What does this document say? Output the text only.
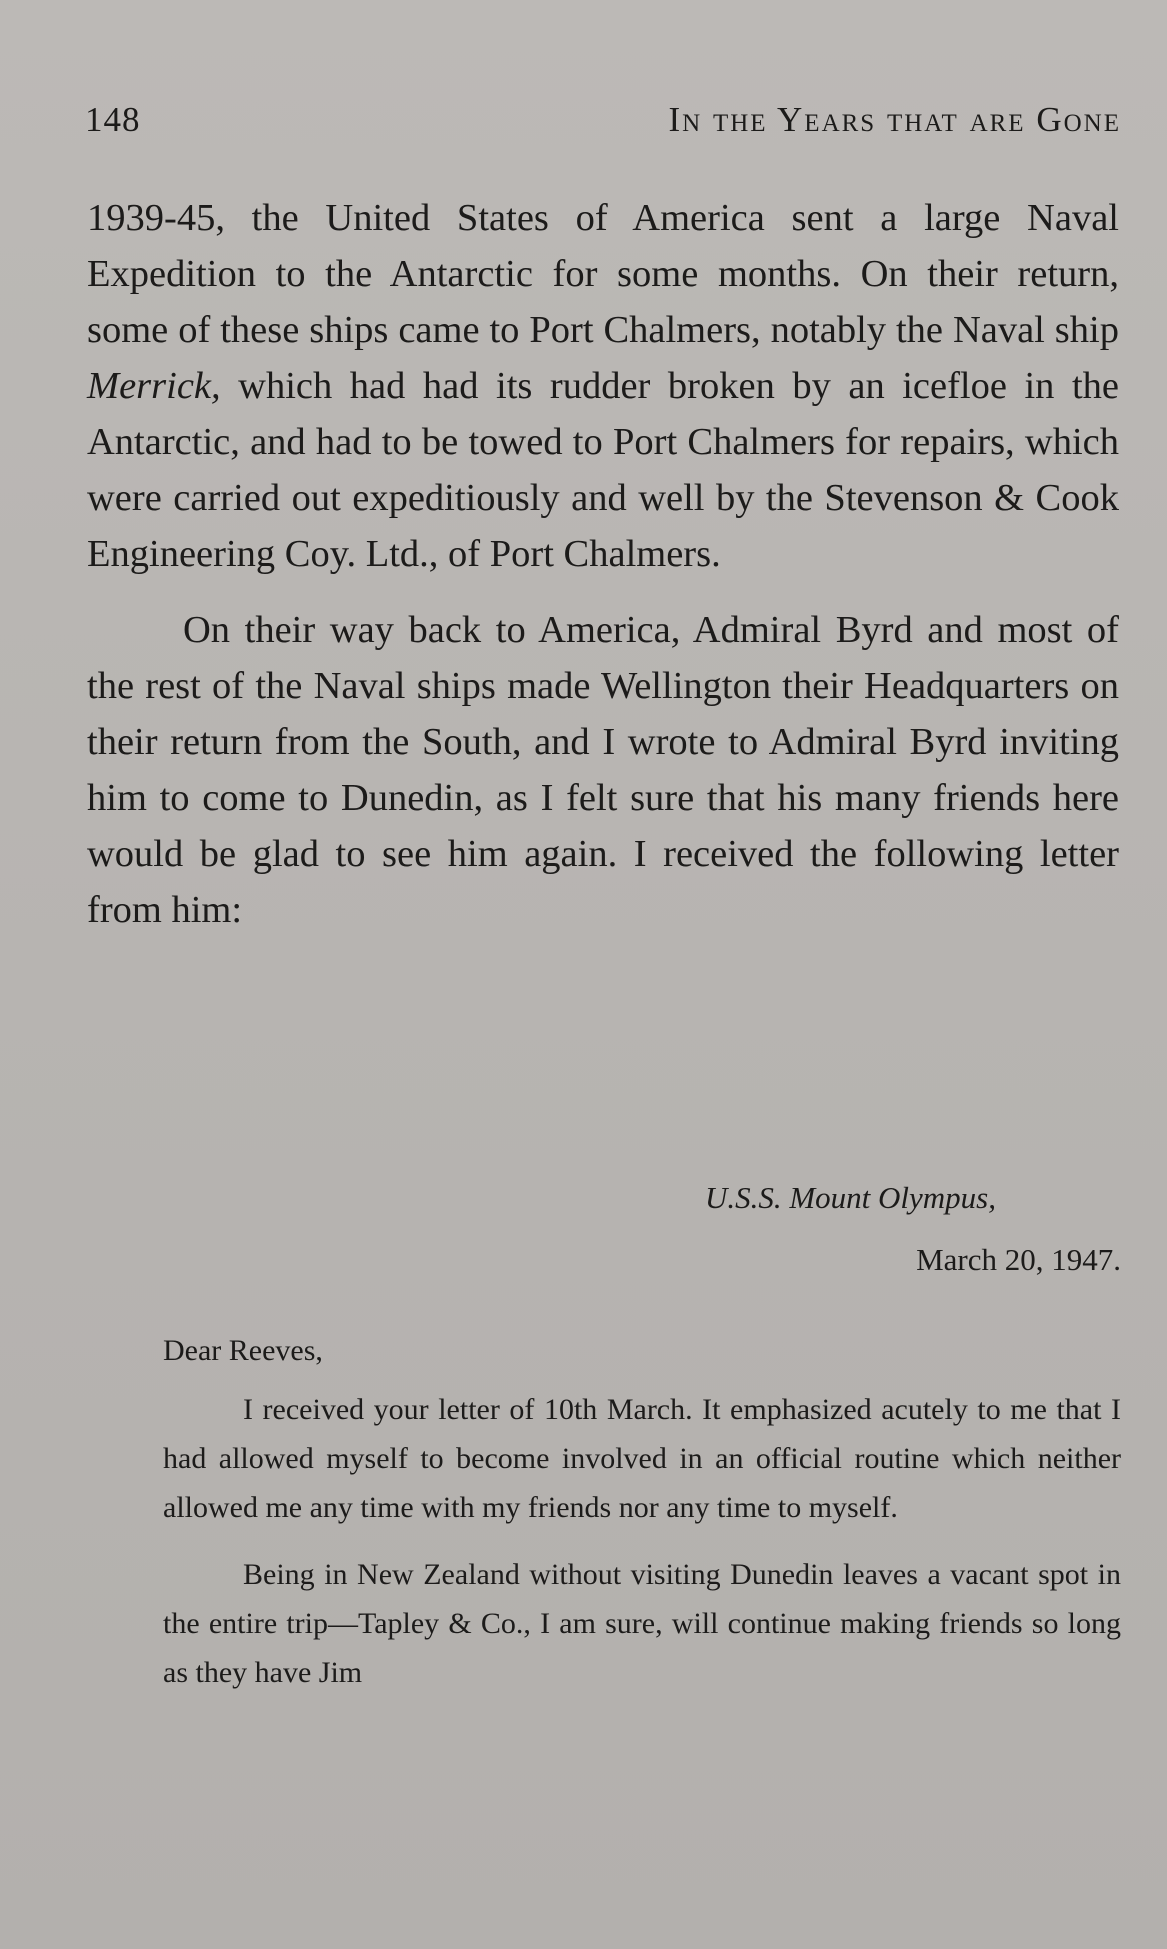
148	In the Years that are Gone

1939-45, the United States of America sent a large Naval Expedition to the Antarctic for some months. On their return, some of these ships came to Port Chalmers, notably the Naval ship Merrick, which had had its rudder broken by an icefloe in the Antarctic, and had to be towed to Port Chalmers for repairs, which were carried out expeditiously and well by the Stevenson & Cook Engineering Coy. Ltd., of Port Chalmers.

On their way back to America, Admiral Byrd and most of the rest of the Naval ships made Wellington their Headquarters on their return from the South, and I wrote to Admiral Byrd inviting him to come to Dunedin, as I felt sure that his many friends here would be glad to see him again. I received the following letter from him:

U.S.S. Mount Olympus,
March 20, 1947.
Dear Reeves,

I received your letter of 10th March. It emphasized acutely to me that I had allowed myself to become involved in an official routine which neither allowed me any time with my friends nor any time to myself.

Being in New Zealand without visiting Dunedin leaves a vacant spot in the entire trip—Tapley & Co., I am sure, will continue making friends so long as they have Jim
